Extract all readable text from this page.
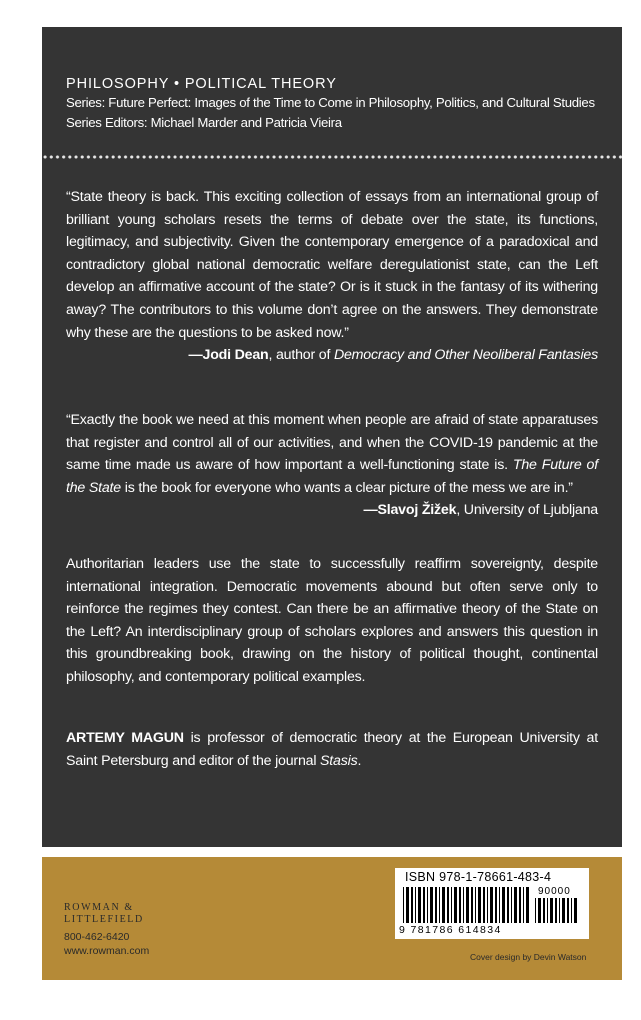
PHILOSOPHY • POLITICAL THEORY
Series: Future Perfect: Images of the Time to Come in Philosophy, Politics, and Cultural Studies
Series Editors: Michael Marder and Patricia Vieira
“State theory is back. This exciting collection of essays from an international group of brilliant young scholars resets the terms of debate over the state, its functions, legitimacy, and subjectivity. Given the contemporary emergence of a paradoxical and contradictory global national democratic welfare deregulationist state, can the Left develop an affirmative account of the state? Or is it stuck in the fantasy of its withering away? The contributors to this volume don’t agree on the answers. They demonstrate why these are the questions to be asked now.”
—Jodi Dean, author of Democracy and Other Neoliberal Fantasies
“Exactly the book we need at this moment when people are afraid of state apparatuses that register and control all of our activities, and when the COVID-19 pandemic at the same time made us aware of how important a well-functioning state is. The Future of the State is the book for everyone who wants a clear picture of the mess we are in.”
—Slavoj Žižek, University of Ljubljana
Authoritarian leaders use the state to successfully reaffirm sovereignty, despite international integration. Democratic movements abound but often serve only to reinforce the regimes they contest. Can there be an affirmative theory of the State on the Left? An interdisciplinary group of scholars explores and answers this question in this groundbreaking book, drawing on the history of political thought, continental philosophy, and contemporary political examples.
ARTEMY MAGUN is professor of democratic theory at the European University at Saint Petersburg and editor of the journal Stasis.
ROWMAN & LITTLEFIELD
800-462-6420
www.rowman.com
ISBN 978-1-78661-483-4
90000
9 781786 614834
Cover design by Devin Watson
